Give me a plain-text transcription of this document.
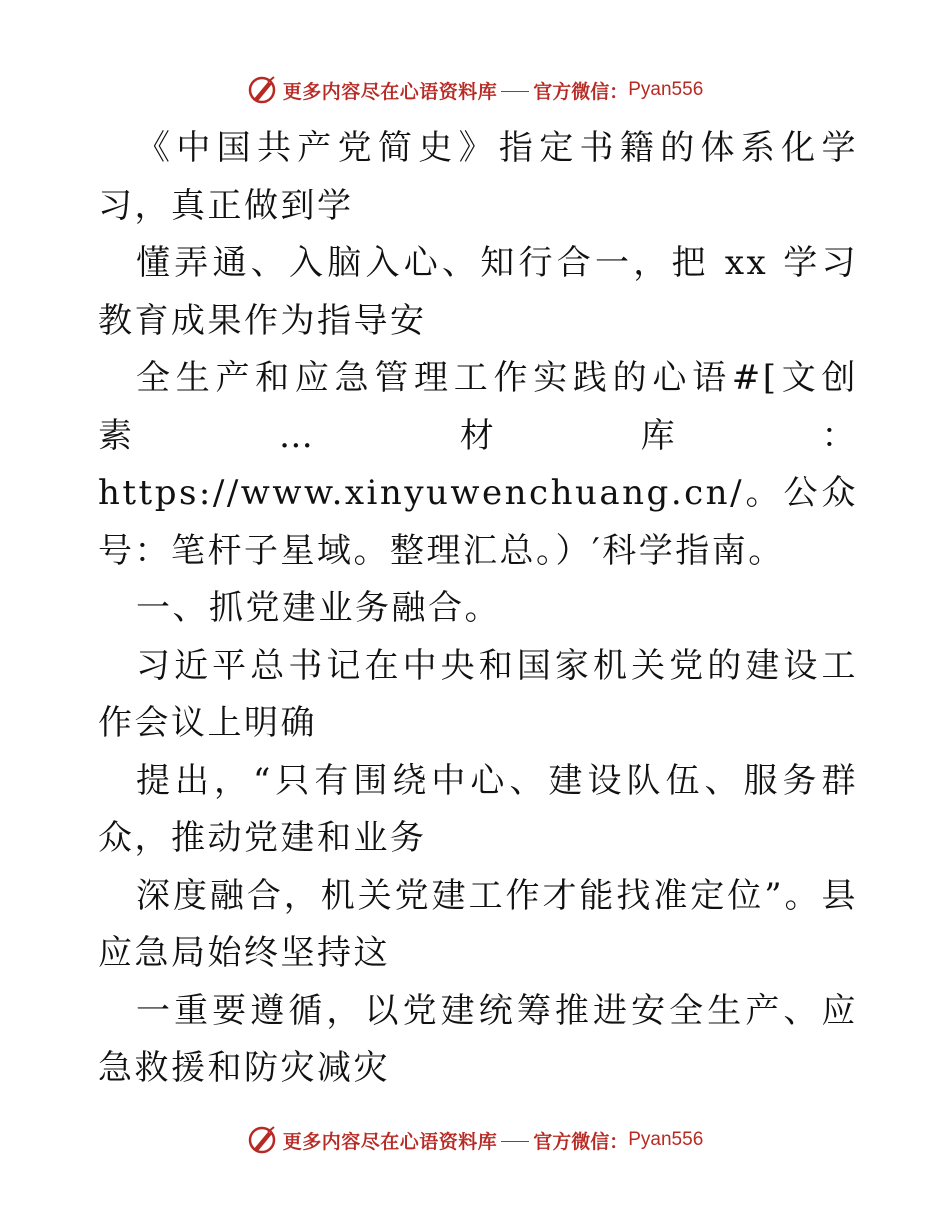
更多内容尽在心语资料库 官方微信： Pyan556

《中国共产党简史》指定书籍的体系化学习，真正做到学

懂弄通、入脑入心、知行合一，把 xx 学习教育成果作为指导安

全生产和应急管理工作实践的心语#[文创素…材库：https://www.xinyuwenchuang.cn/。公众号：笔杆子星域。整理汇总。）′科学指南。

一、抓党建业务融合。

习近平总书记在中央和国家机关党的建设工作会议上明确

提出，“只有围绕中心、建设队伍、服务群众，推动党建和业务

深度融合，机关党建工作才能找准定位”。县应急局始终坚持这

一重要遵循，以党建统筹推进安全生产、应急救援和防灾减灾

更多内容尽在心语资料库 官方微信： Pyan556
